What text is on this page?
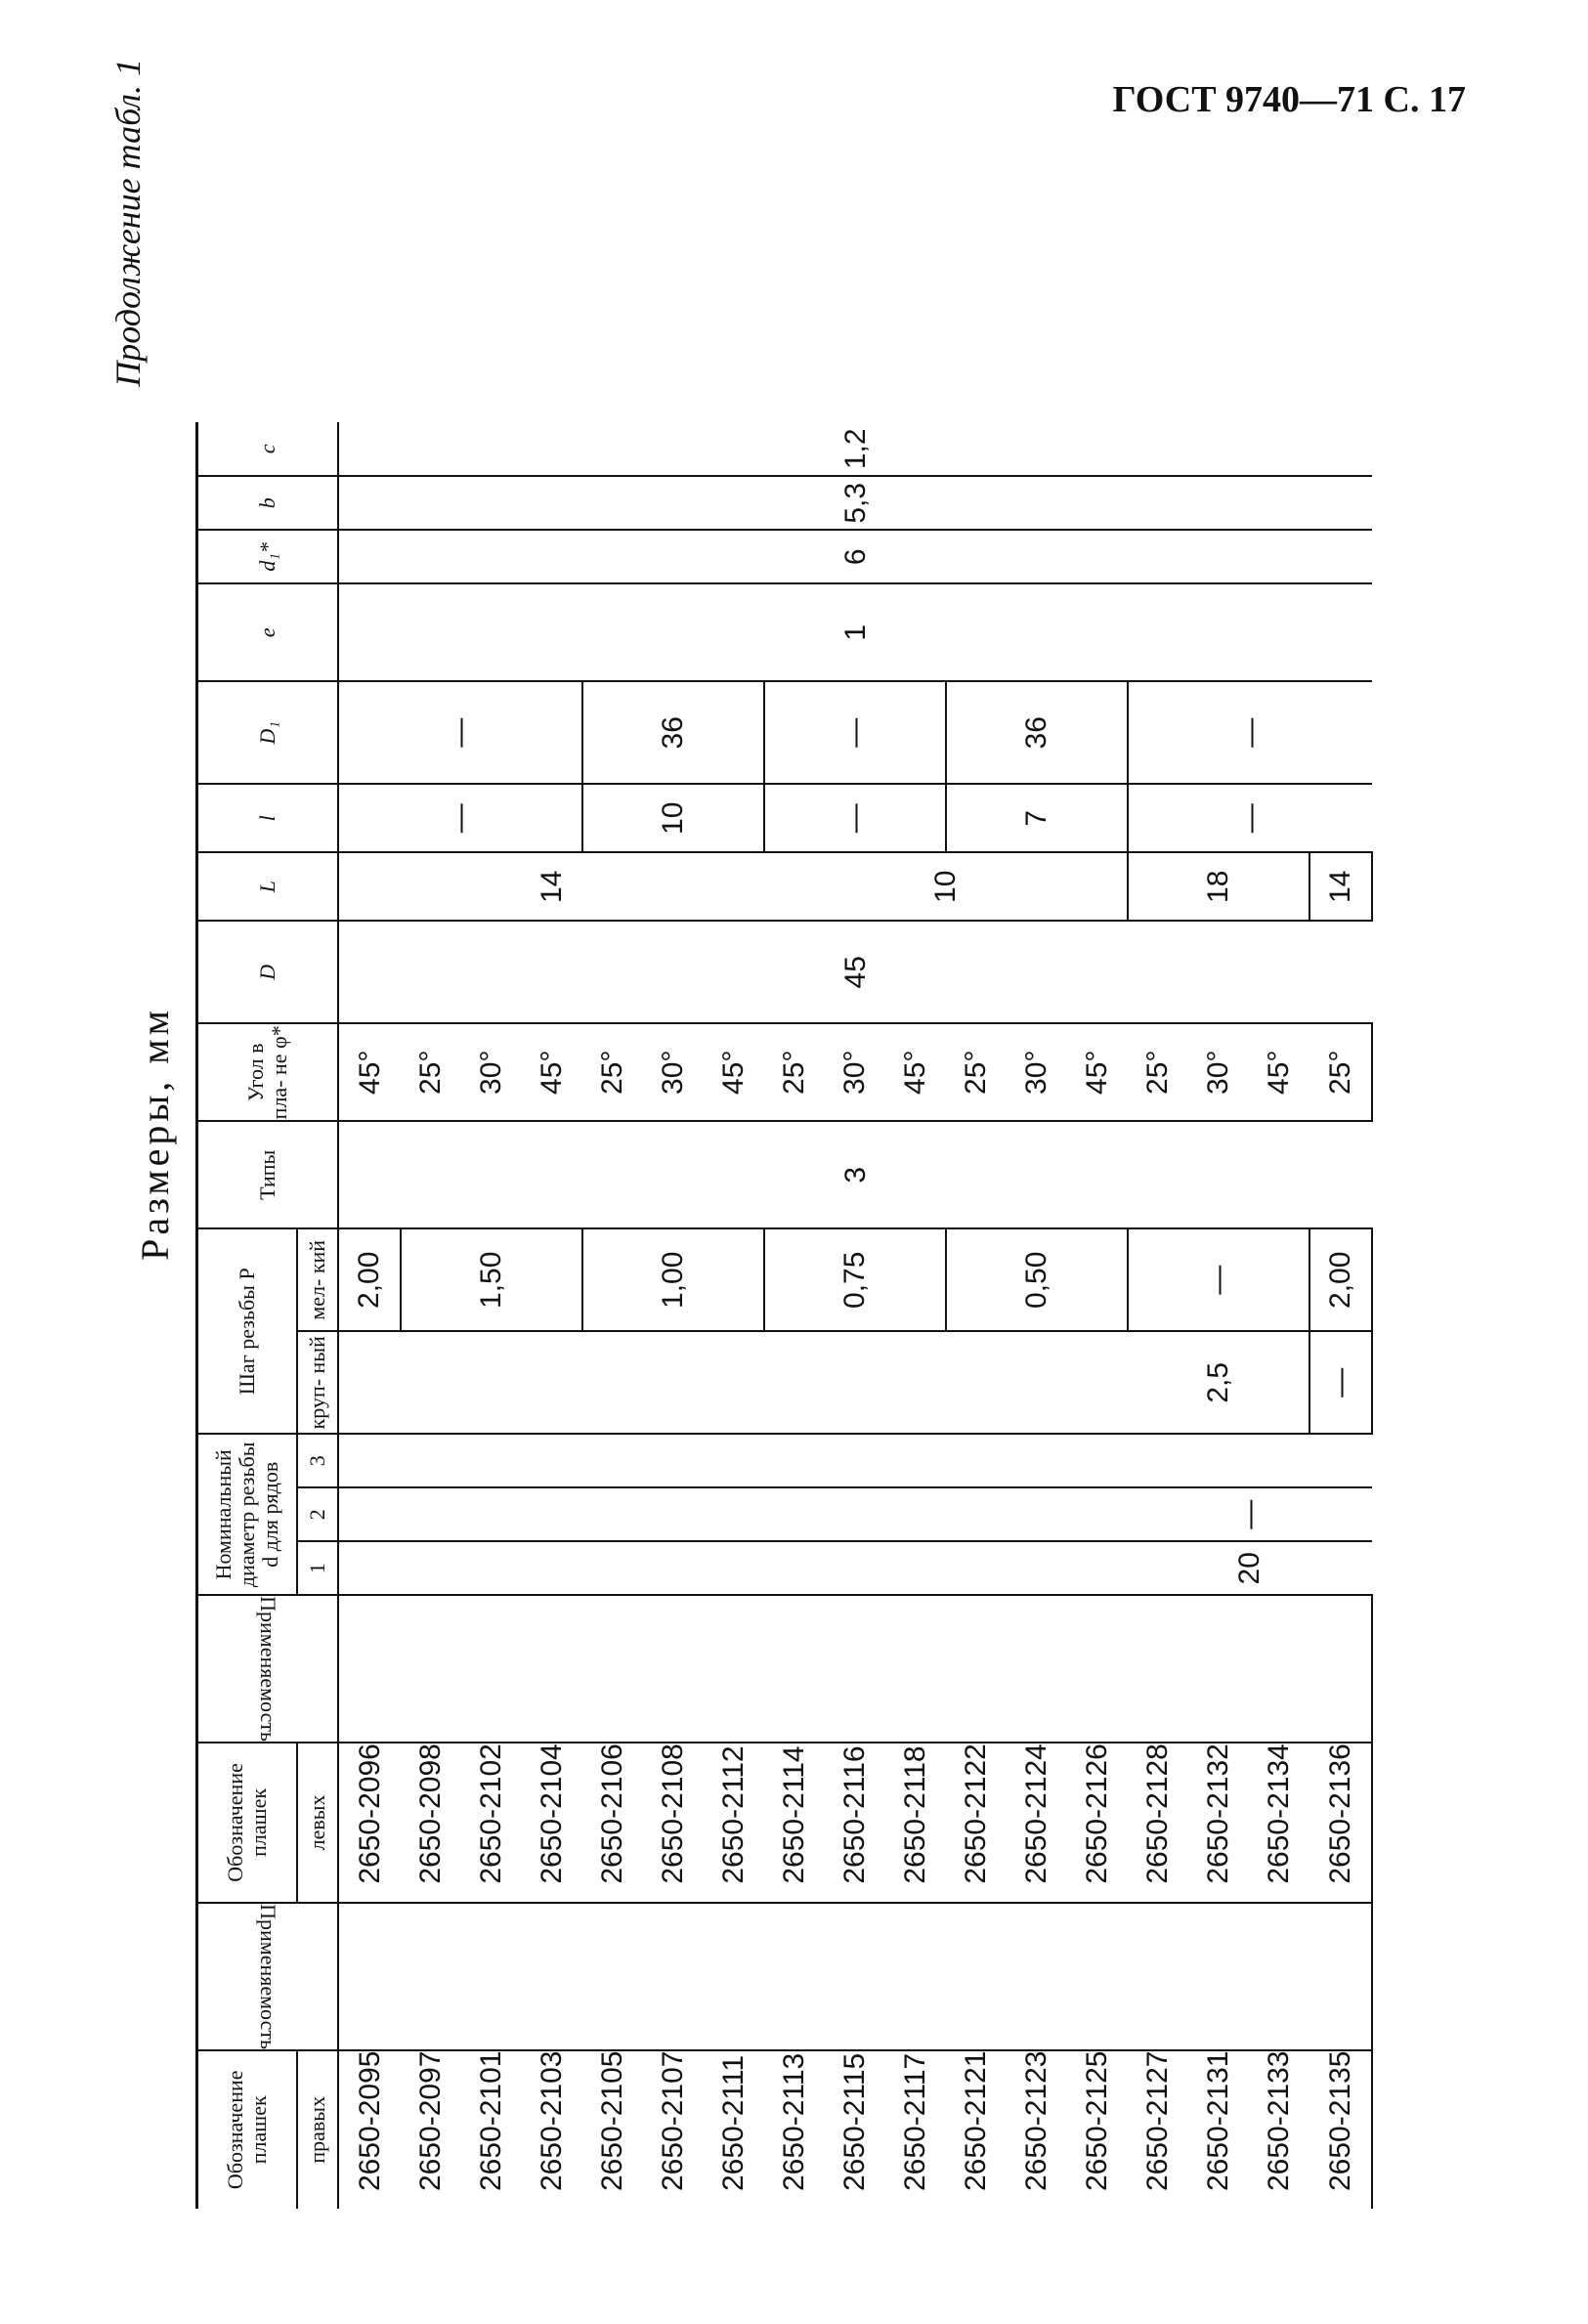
ГОСТ 9740—71 С. 17
Продолжение табл. 1
Размеры, мм
Обозначение плашек	Применяемость	Обозначение плашек	Применяемость	Номинальный диаметр резьбы d для рядов			Шаг резьбы P		Типы	Угол в пла- не φ*	D	L	l	D₁	e	d₁*	b	c
правых		левых		1	2	3	круп- ный	мел- кий										
2650-2095		2650-2096						2,00	3	45°	45	14	—	—	1	6	5,3	1,2
2650-2097		2650-2098						1,50		25°								
2650-2101		2650-2102								30°								
2650-2103		2650-2104								45°								
2650-2105		2650-2106						1,00		25°			10	36				
2650-2107		2650-2108								30°								
2650-2111		2650-2112								45°								
2650-2113		2650-2114						0,75		25°		10	—	—				
2650-2115		2650-2116								30°								
2650-2117		2650-2118								45°								
2650-2121		2650-2122						0,50		25°			7	36				
2650-2123		2650-2124								30°								
2650-2125		2650-2126								45°								
2650-2127		2650-2128		20	—		2,5	—		25°		18	—	—				
2650-2131		2650-2132								30°								
2650-2133		2650-2134								45°								
2650-2135		2650-2136					—	2,00		25°		14						
